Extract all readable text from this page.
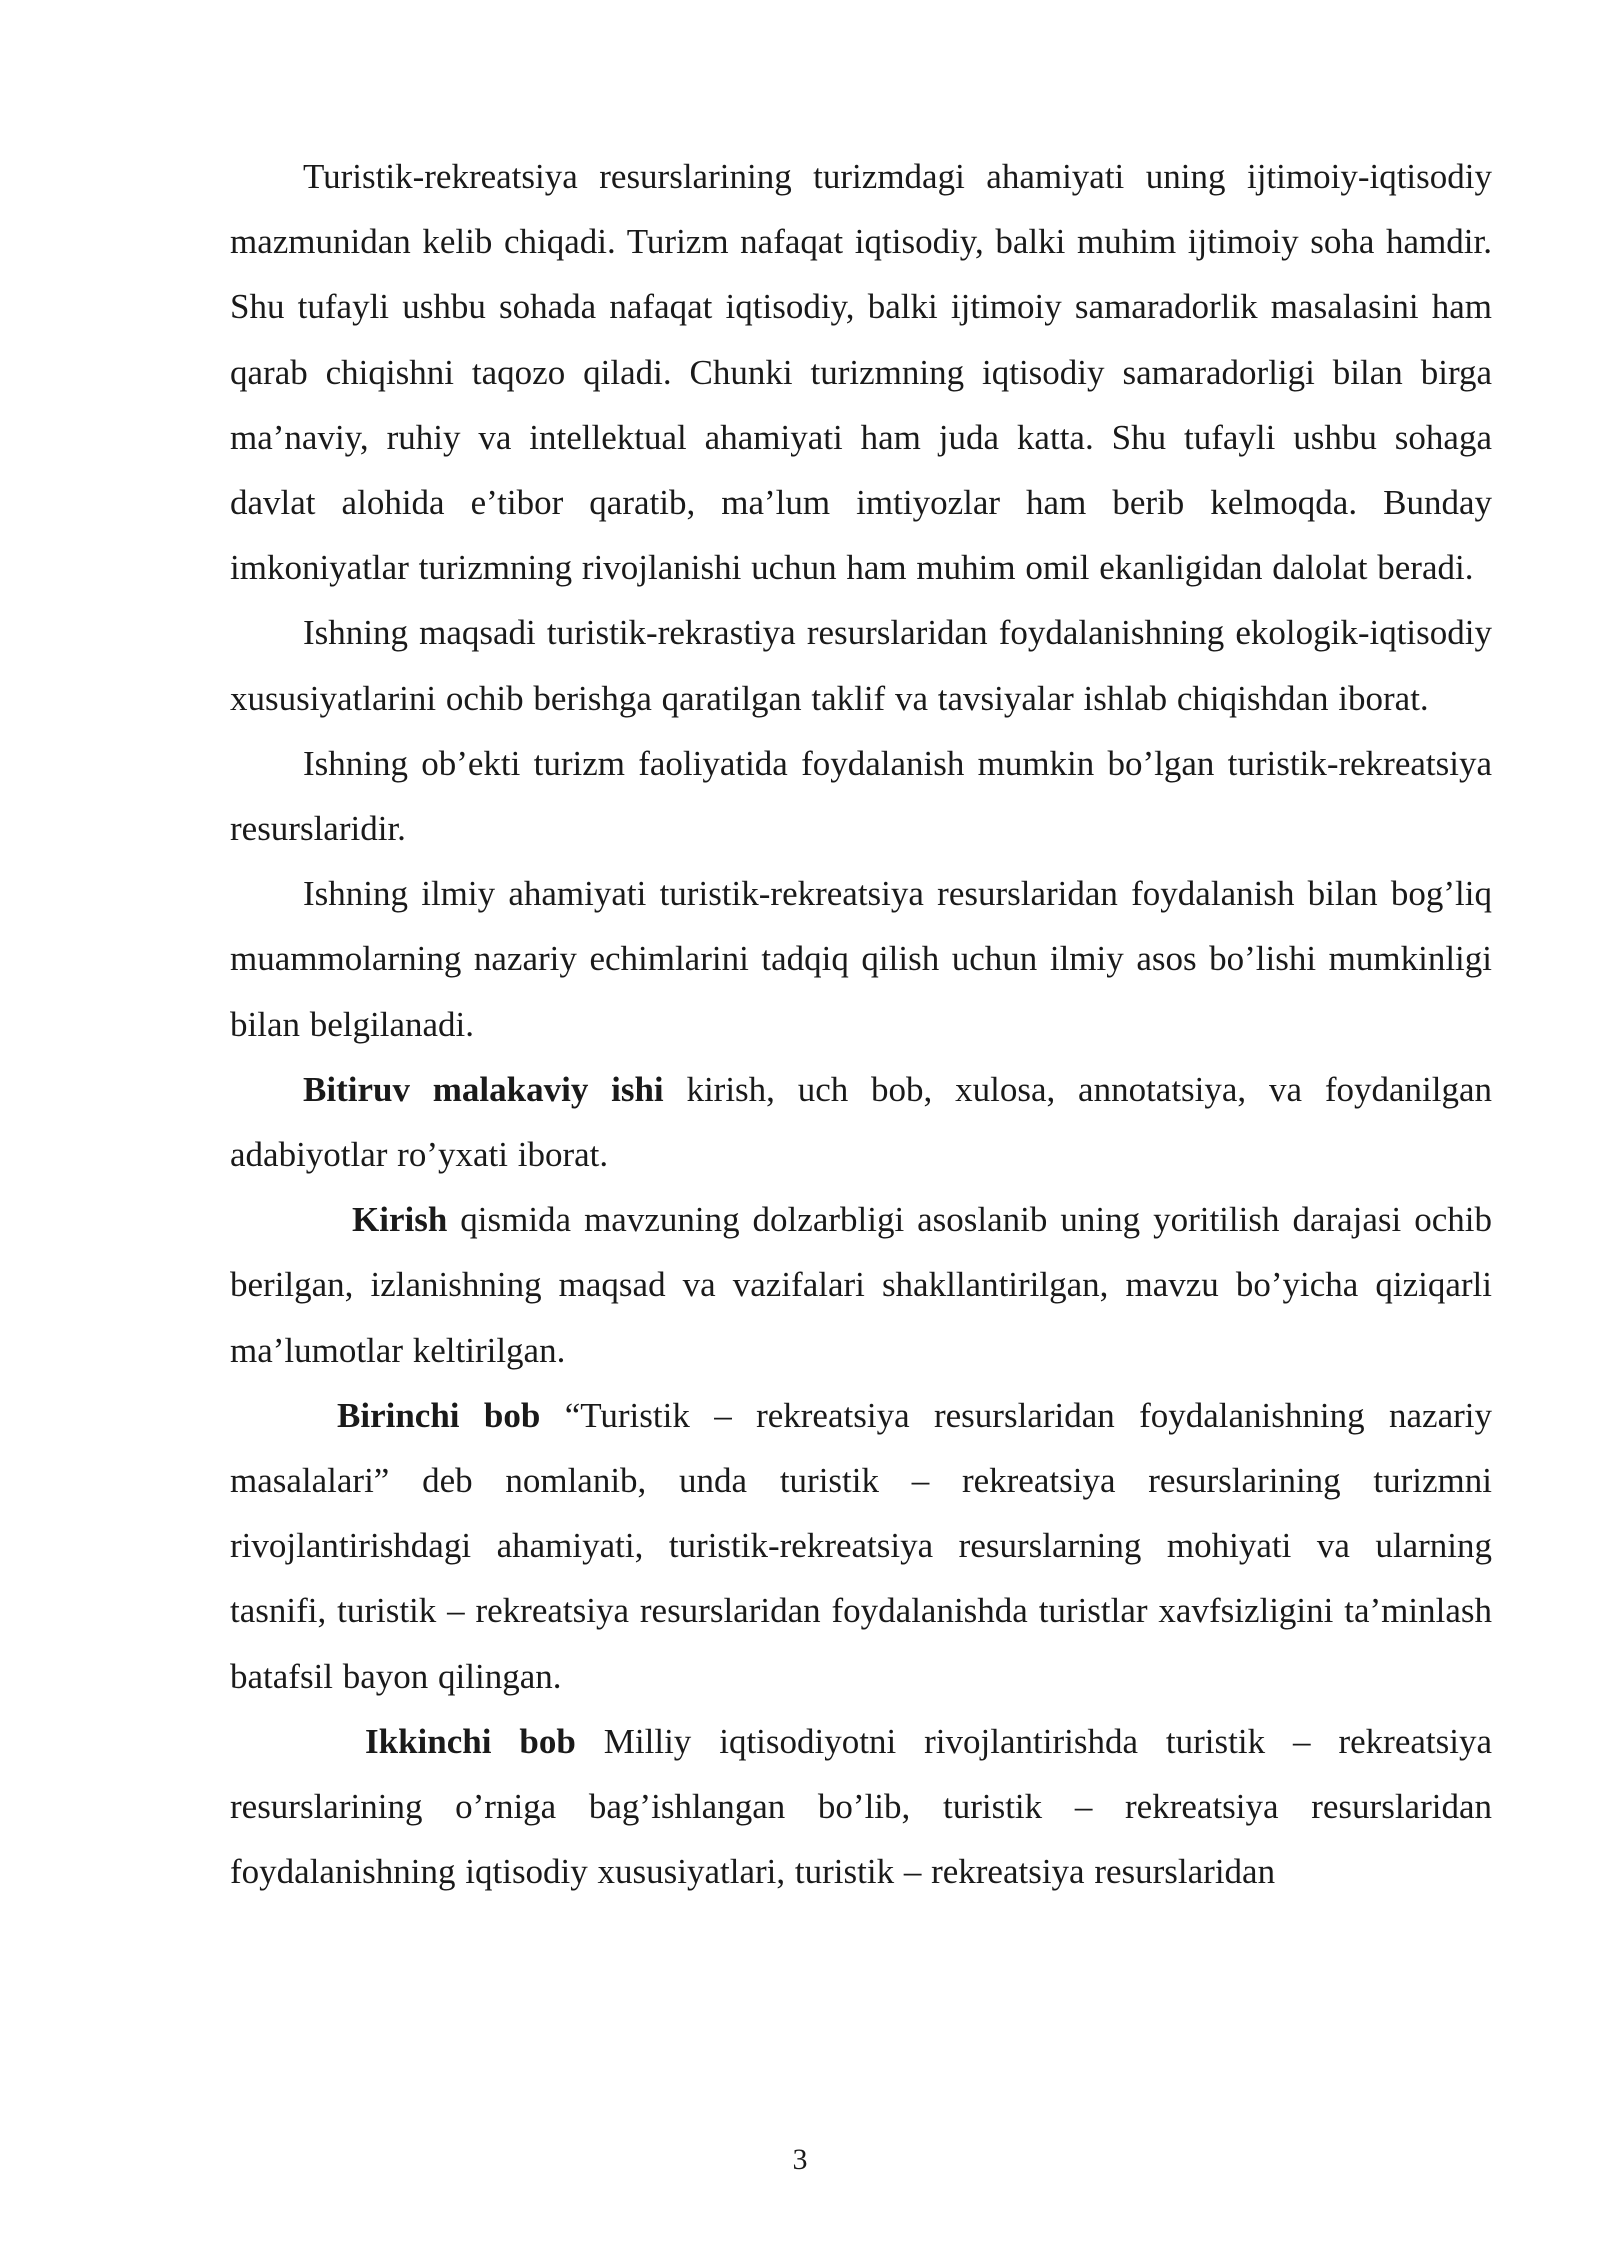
Turistik-rekreatsiya resurslarining turizmdagi ahamiyati uning ijtimoiy-iqtisodiy mazmunidan kelib chiqadi. Turizm nafaqat iqtisodiy, balki muhim ijtimoiy soha hamdir. Shu tufayli ushbu sohada nafaqat iqtisodiy, balki ijtimoiy samaradorlik masalasini ham qarab chiqishni taqozo qiladi. Chunki turizmning iqtisodiy samaradorligi bilan birga ma’naviy, ruhiy va intellektual ahamiyati ham juda katta. Shu tufayli ushbu sohaga davlat alohida e’tibor qaratib, ma’lum imtiyozlar ham berib kelmoqda. Bunday imkoniyatlar turizmning rivojlanishi uchun ham muhim omil ekanligidan dalolat beradi.

Ishning maqsadi turistik-rekrastiya resurslaridan foydalanishning ekologik-iqtisodiy xususiyatlarini ochib berishga qaratilgan taklif va tavsiyalar ishlab chiqishdan iborat.

Ishning ob’ekti turizm faoliyatida foydalanish mumkin bo’lgan turistik-rekreatsiya resurslaridir.

Ishning ilmiy ahamiyati turistik-rekreatsiya resurslaridan foydalanish bilan bog’liq muammolarning nazariy echimlarini tadqiq qilish uchun ilmiy asos bo’lishi mumkinligi bilan belgilanadi.

Bitiruv malakaviy ishi kirish, uch bob, xulosa, annotatsiya, va foydanilgan adabiyotlar ro’yxati iborat.

Kirish qismida mavzuning dolzarbligi asoslanib uning yoritilish darajasi ochib berilgan, izlanishning maqsad va vazifalari shakllantirilgan, mavzu bo’yicha qiziqarli ma’lumotlar keltirilgan.

Birinchi bob “Turistik – rekreatsiya resurslaridan foydalanishning nazariy masalalari” deb nomlanib, unda turistik – rekreatsiya resurslarining turizmni rivojlantirishdagi ahamiyati, turistik-rekreatsiya resurslarning mohiyati va ularning tasnifi, turistik – rekreatsiya resurslaridan foydalanishda turistlar xavfsizligini ta’minlash batafsil bayon qilingan.

Ikkinchi bob Milliy iqtisodiyotni rivojlantirishda turistik – rekreatsiya resurslarining o’rniga bag’ishlangan bo’lib, turistik – rekreatsiya resurslaridan foydalanishning iqtisodiy xususiyatlari, turistik – rekreatsiya resurslaridan

3
